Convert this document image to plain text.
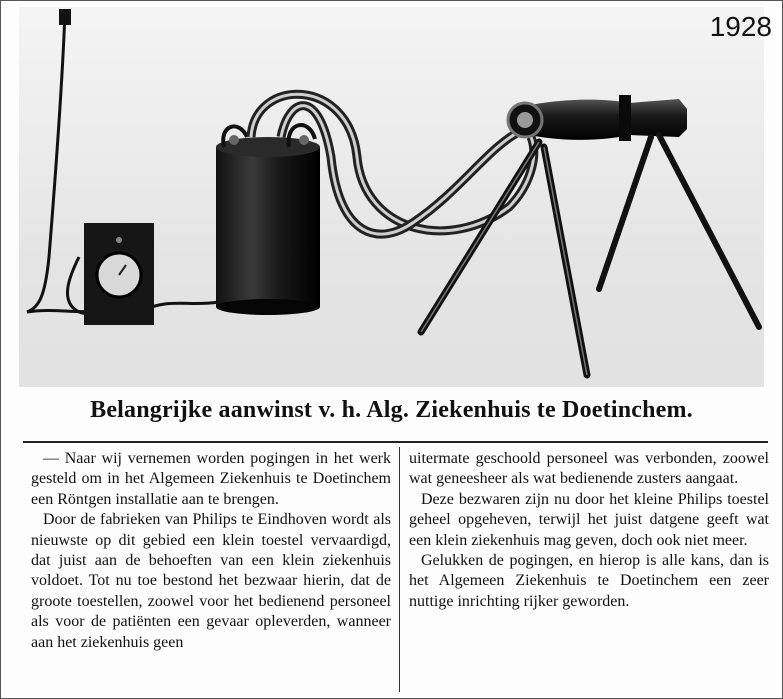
1928
Belangrijke aanwinst v. h. Alg. Ziekenhuis te Doetinchem.

— Naar wij vernemen worden pogingen in het werk gesteld om in het Algemeen Ziekenhuis te Doetinchem een Röntgen installatie aan te brengen.

Door de fabrieken van Philips te Eindhoven wordt als nieuwste op dit gebied een klein toestel vervaardigd, dat juist aan de behoeften van een klein ziekenhuis voldoet. Tot nu toe bestond het bezwaar hierin, dat de groote toestellen, zoowel voor het bedienend personeel als voor de patiënten een gevaar opleverden, wanneer aan het ziekenhuis geen

uitermate geschoold personeel was verbonden, zoowel wat geneesheer als wat bedienende zusters aangaat.

Deze bezwaren zijn nu door het kleine Philips toestel geheel opgeheven, terwijl het juist datgene geeft wat een klein ziekenhuis mag geven, doch ook niet meer.

Gelukken de pogingen, en hierop is alle kans, dan is het Algemeen Ziekenhuis te Doetinchem een zeer nuttige inrichting rijker geworden.
